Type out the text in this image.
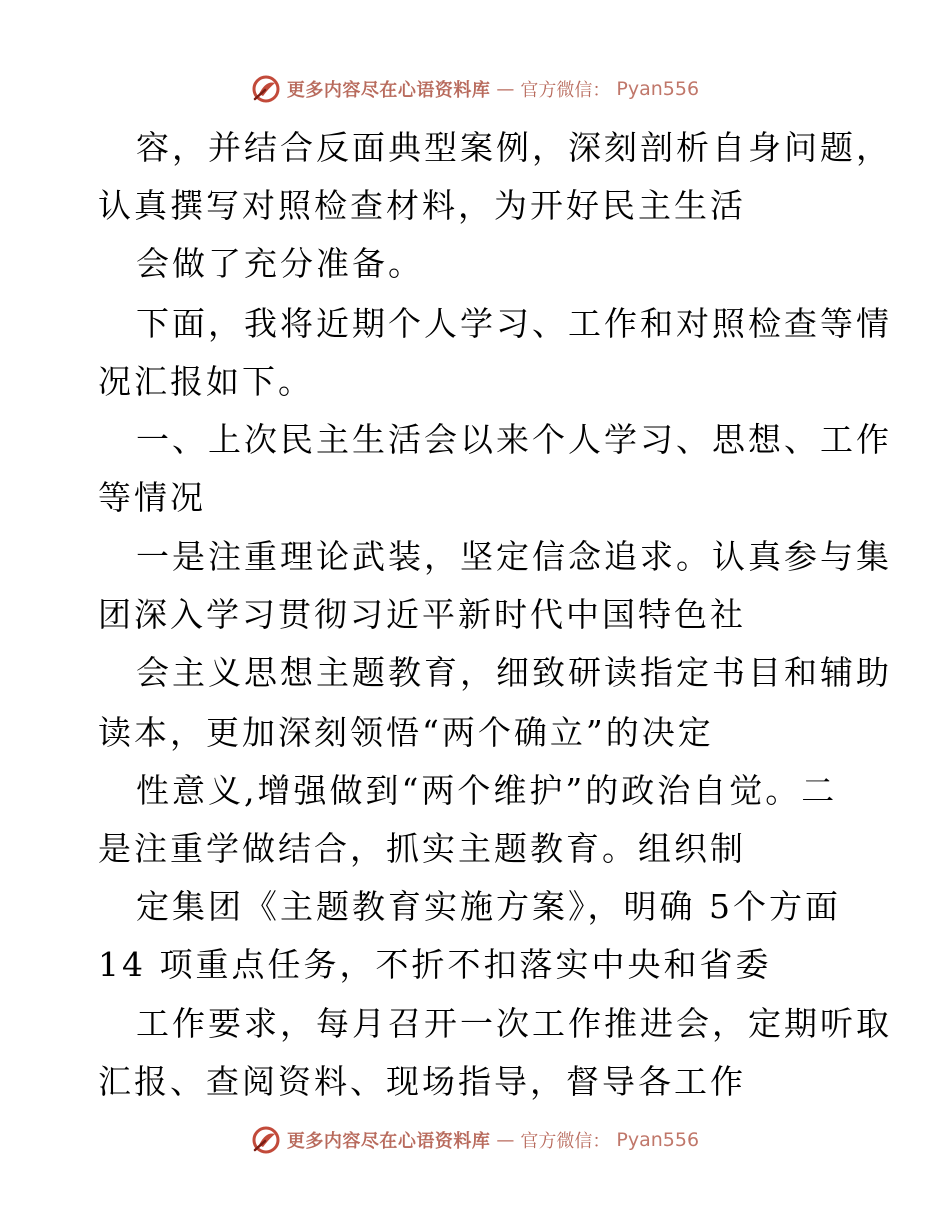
更多内容尽在心语资料库 — 官方微信： Pyan556
容，并结合反面典型案例，深刻剖析自身问题，
认真撰写对照检查材料，为开好民主生活
会做了充分准备。
下面，我将近期个人学习、工作和对照检查等情
况汇报如下。
一、上次民主生活会以来个人学习、思想、工作
等情况
一是注重理论武装，坚定信念追求。认真参与集
团深入学习贯彻习近平新时代中国特色社
会主义思想主题教育，细致研读指定书目和辅助
读本，更加深刻领悟“两个确立”的决定
性意义,增强做到“两个维护”的政治自觉。二
是注重学做结合，抓实主题教育。组织制
定集团《主题教育实施方案》，明确 5个方面
14 项重点任务，不折不扣落实中央和省委
工作要求，每月召开一次工作推进会，定期听取
汇报、查阅资料、现场指导，督导各工作
更多内容尽在心语资料库 — 官方微信： Pyan556
